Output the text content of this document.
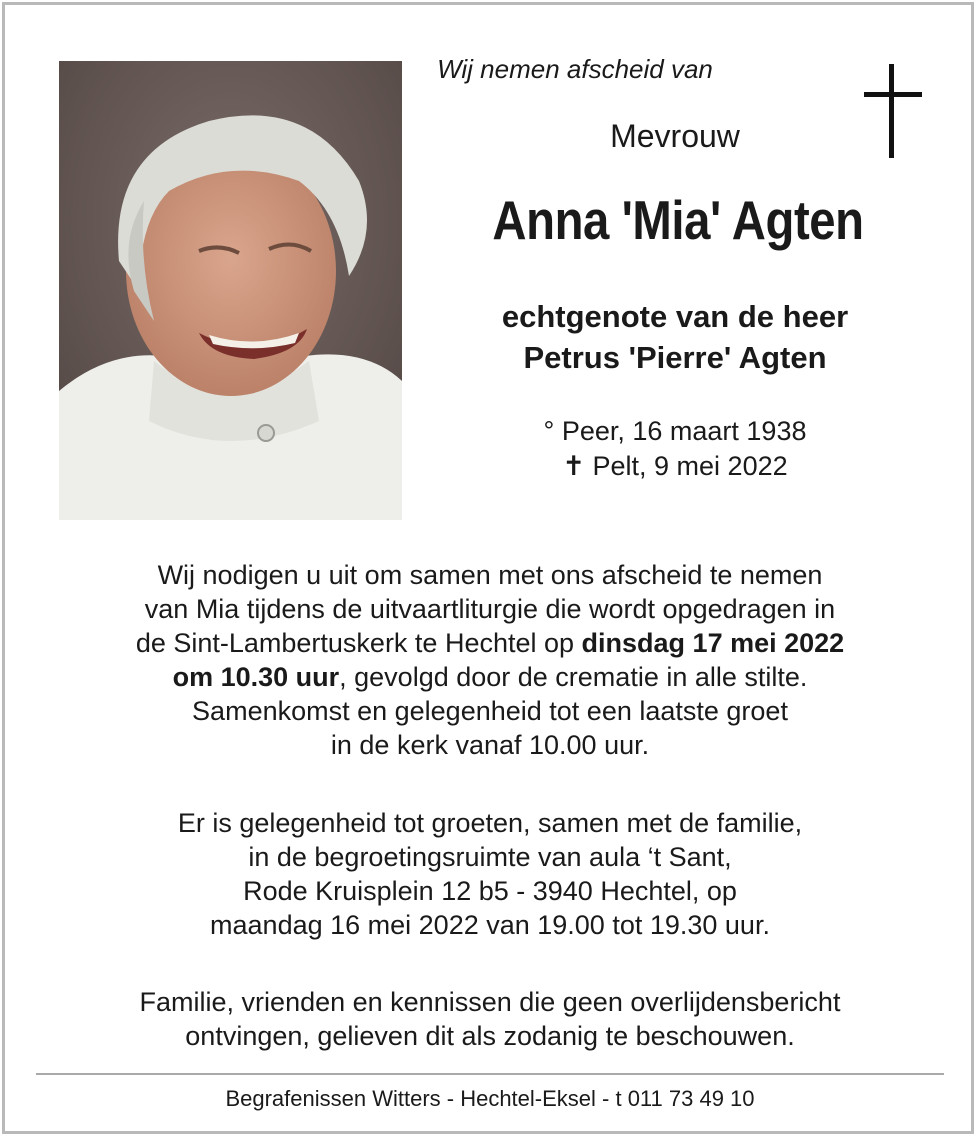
Wij nemen afscheid van
Mevrouw
Anna 'Mia' Agten
echtgenote van de heer
Petrus 'Pierre' Agten
° Peer, 16 maart 1938
✝ Pelt, 9 mei 2022
Wij nodigen u uit om samen met ons afscheid te nemen
van Mia tijdens de uitvaartliturgie die wordt opgedragen in
de Sint-Lambertuskerk te Hechtel op dinsdag 17 mei 2022
om 10.30 uur, gevolgd door de crematie in alle stilte.
Samenkomst en gelegenheid tot een laatste groet
in de kerk vanaf 10.00 uur.
Er is gelegenheid tot groeten, samen met de familie,
in de begroetingsruimte van aula ‘t Sant,
Rode Kruisplein 12 b5 - 3940 Hechtel, op
maandag 16 mei 2022 van 19.00 tot 19.30 uur.
Familie, vrienden en kennissen die geen overlijdensbericht
ontvingen, gelieven dit als zodanig te beschouwen.
Begrafenissen Witters - Hechtel-Eksel - t 011 73 49 10
